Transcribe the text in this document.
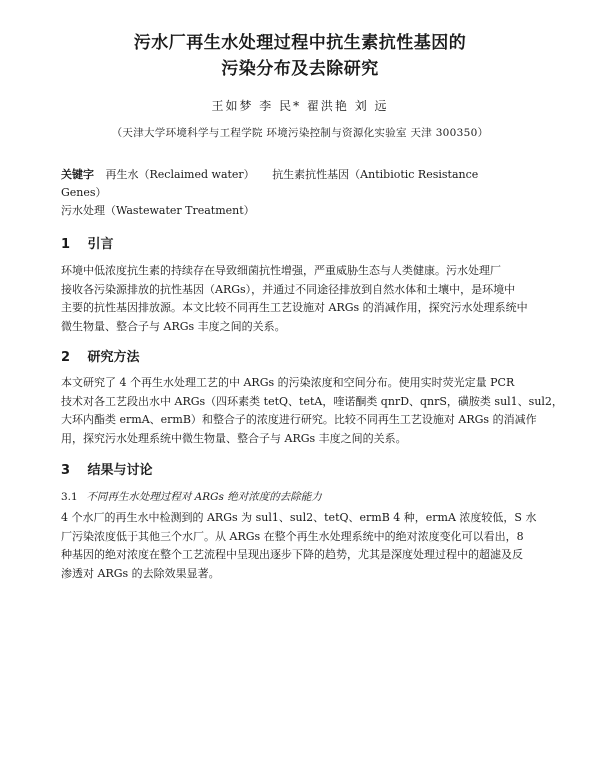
污水厂再生水处理过程中抗生素抗性基因的
污染分布及去除研究
王如梦 李 民* 翟洪艳 刘 远
（天津大学环境科学与工程学院 环境污染控制与资源化实验室 天津 300350）
关键字 再生水（Reclaimed water） 抗生素抗性基因（Antibiotic Resistance Genes）
污水处理（Wastewater Treatment）
1 引言
环境中低浓度抗生素的持续存在导致细菌抗性增强，严重威胁生态与人类健康。污水处理厂
接收各污染源排放的抗性基因（ARGs），并通过不同途径排放到自然水体和土壤中，是环境中
主要的抗性基因排放源。本文比较不同再生工艺设施对 ARGs 的消减作用，探究污水处理系统中
微生物量、整合子与 ARGs 丰度之间的关系。
2 研究方法
本文研究了 4 个再生水处理工艺的中 ARGs 的污染浓度和空间分布。使用实时荧光定量 PCR
技术对各工艺段出水中 ARGs（四环素类 tetQ、tetA，喹诺酮类 qnrD、qnrS，磺胺类 sul1、sul2，
大环内酯类 ermA、ermB）和整合子的浓度进行研究。比较不同再生工艺设施对 ARGs 的消减作
用，探究污水处理系统中微生物量、整合子与 ARGs 丰度之间的关系。
3 结果与讨论
3.1 不同再生水处理过程对 ARGs 绝对浓度的去除能力
4 个水厂的再生水中检测到的 ARGs 为 sul1、sul2、tetQ、ermB 4 种，ermA 浓度较低，S 水
厂污染浓度低于其他三个水厂。从 ARGs 在整个再生水处理系统中的绝对浓度变化可以看出，8
种基因的绝对浓度在整个工艺流程中呈现出逐步下降的趋势，尤其是深度处理过程中的超滤及反
渗透对 ARGs 的去除效果显著。
